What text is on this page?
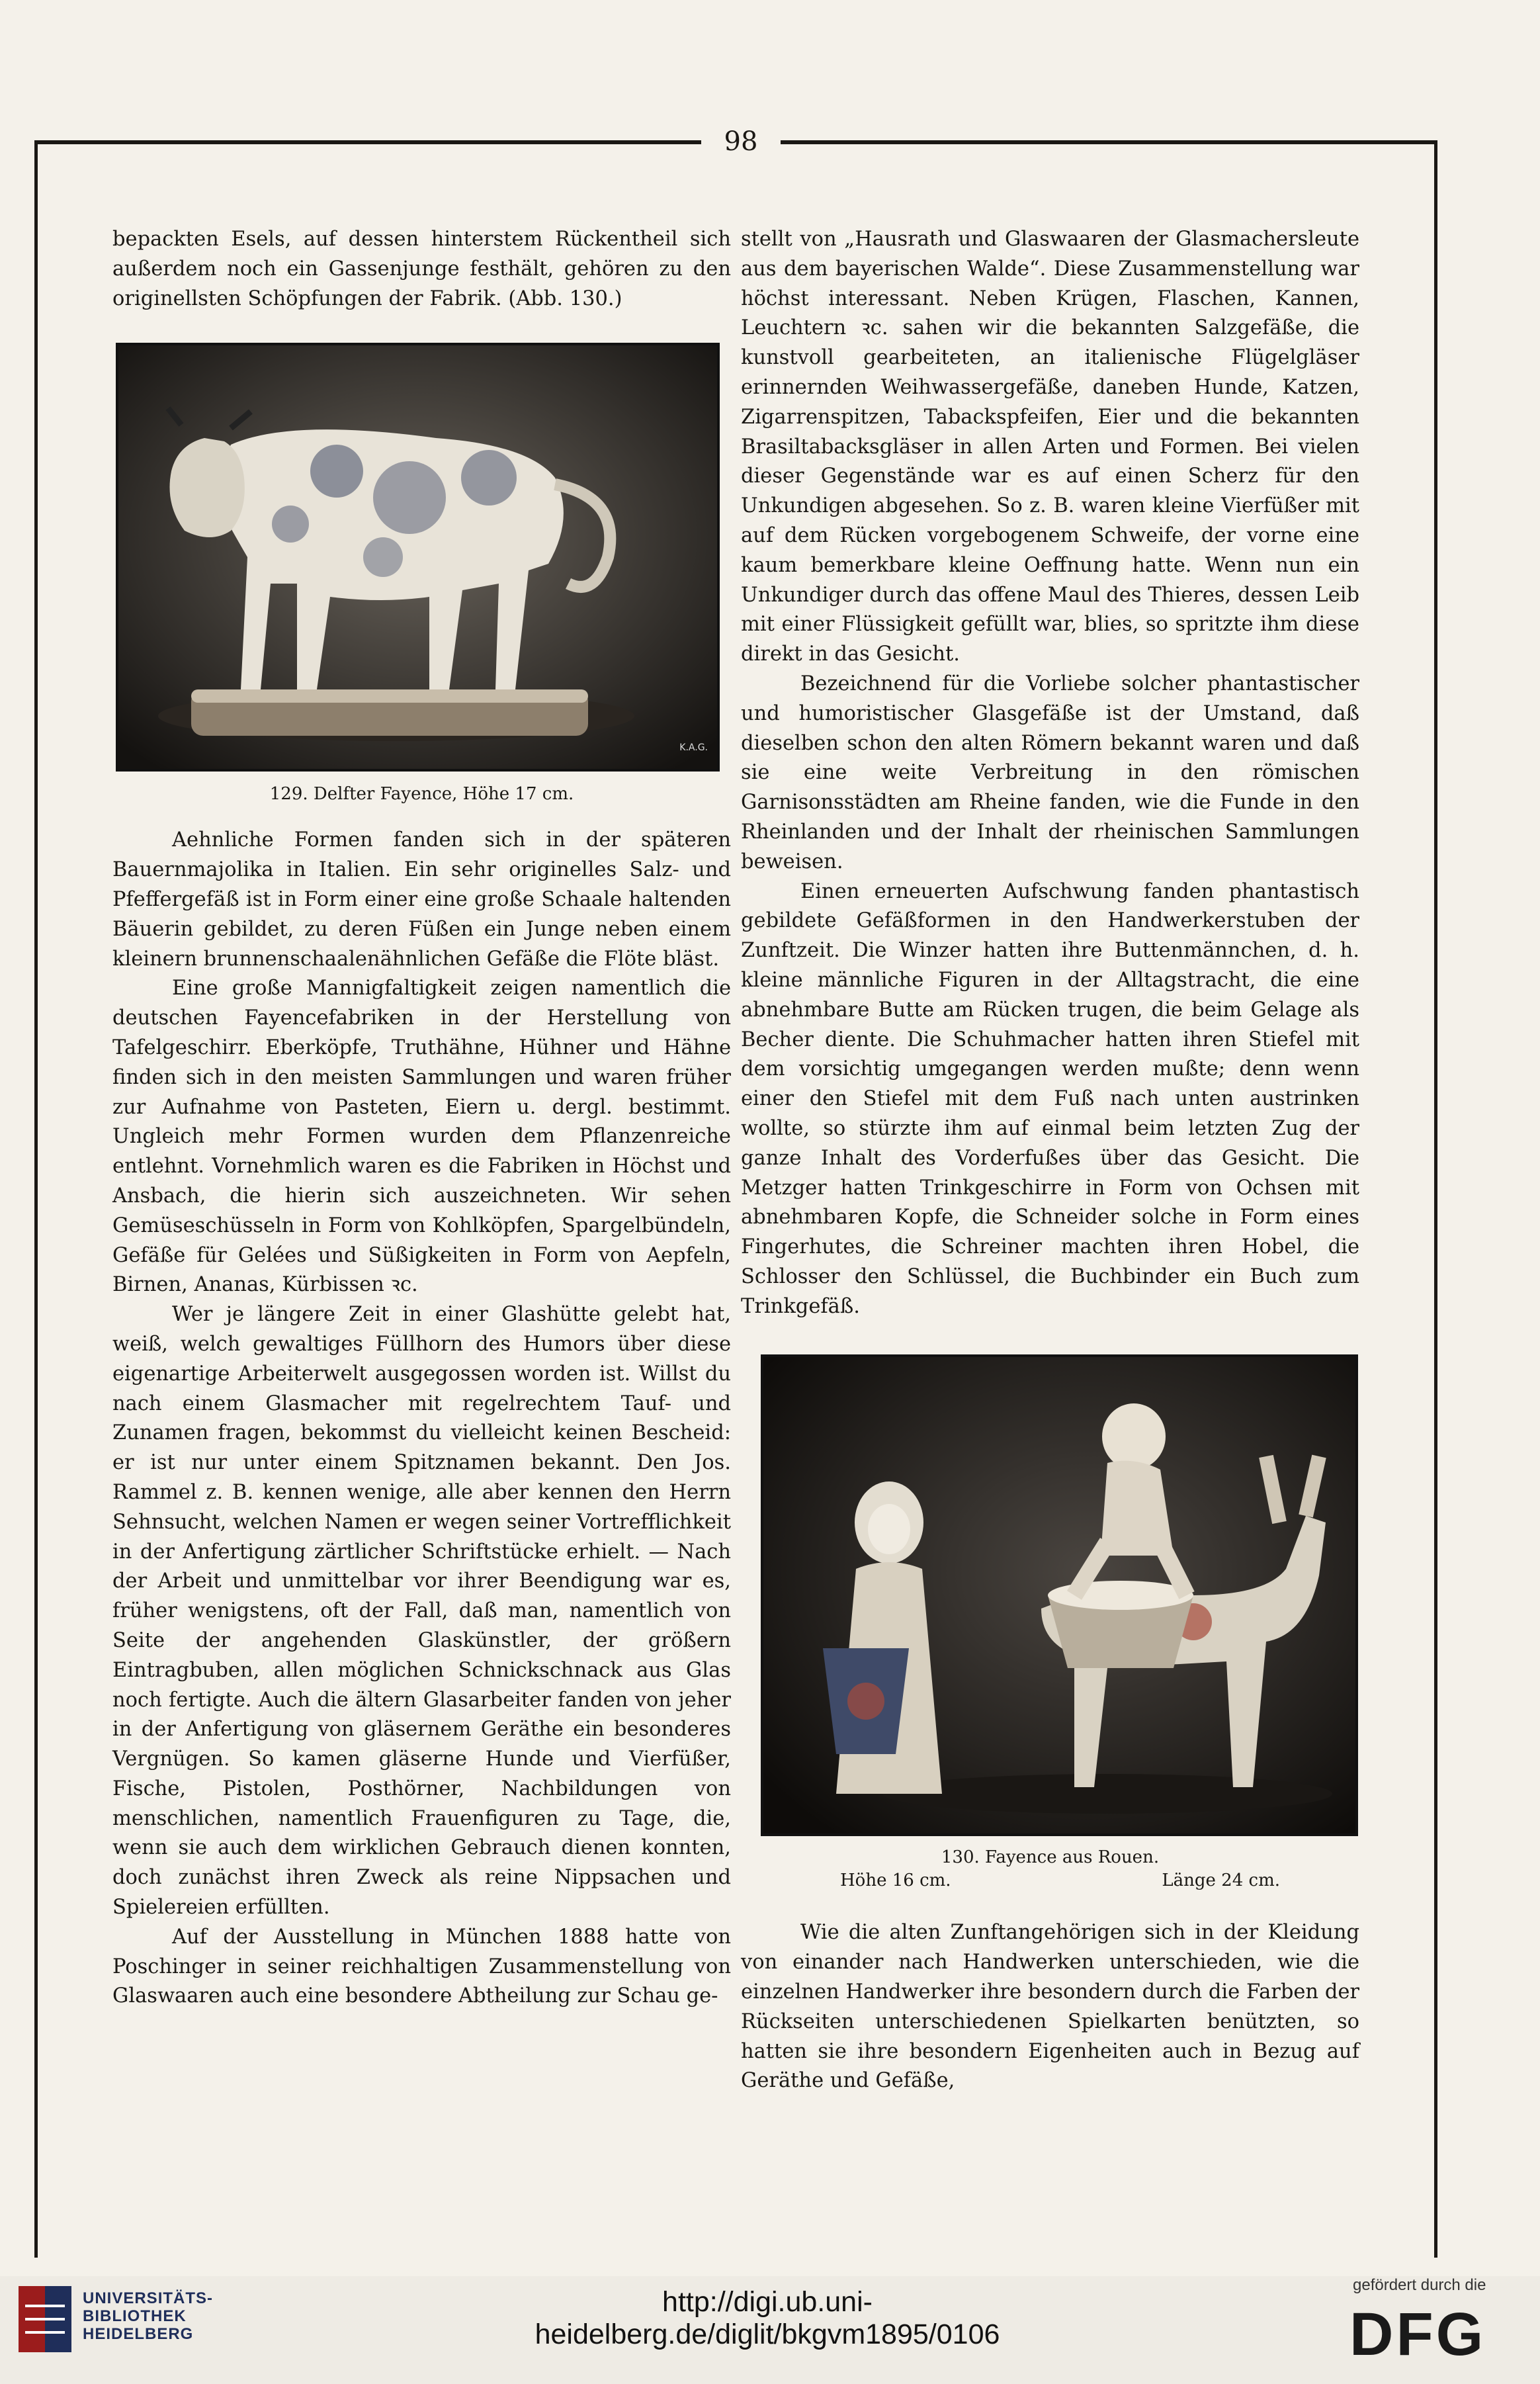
98

bepackten Esels, auf dessen hinterstem Rückentheil sich außerdem noch ein Gassenjunge festhält, gehören zu den originellsten Schöpfungen der Fabrik. (Abb. 130.)

K.A.G.
129. Delfter Fayence, Höhe 17 cm.

Aehnliche Formen fanden sich in der späteren Bauernmajolika in Italien. Ein sehr originelles Salz- und Pfeffergefäß ist in Form einer eine große Schaale haltenden Bäuerin gebildet, zu deren Füßen ein Junge neben einem kleinern brunnenschaalenähnlichen Gefäße die Flöte bläst.

Eine große Mannigfaltigkeit zeigen namentlich die deutschen Fayencefabriken in der Herstellung von Tafelgeschirr. Eberköpfe, Truthähne, Hühner und Hähne finden sich in den meisten Sammlungen und waren früher zur Aufnahme von Pasteten, Eiern u. dergl. bestimmt. Ungleich mehr Formen wurden dem Pflanzenreiche entlehnt. Vornehmlich waren es die Fabriken in Höchst und Ansbach, die hierin sich auszeichneten. Wir sehen Gemüseschüsseln in Form von Kohlköpfen, Spargelbündeln, Gefäße für Gelées und Süßigkeiten in Form von Aepfeln, Birnen, Ananas, Kürbissen ꝛc.

Wer je längere Zeit in einer Glashütte gelebt hat, weiß, welch gewaltiges Füllhorn des Humors über diese eigenartige Arbeiterwelt ausgegossen worden ist. Willst du nach einem Glasmacher mit regelrechtem Tauf- und Zunamen fragen, bekommst du vielleicht keinen Bescheid: er ist nur unter einem Spitznamen bekannt. Den Jos. Rammel z. B. kennen wenige, alle aber kennen den Herrn Sehnsucht, welchen Namen er wegen seiner Vortrefflichkeit in der Anfertigung zärtlicher Schriftstücke erhielt. — Nach der Arbeit und unmittelbar vor ihrer Beendigung war es, früher wenigstens, oft der Fall, daß man, namentlich von Seite der angehenden Glaskünstler, der größern Eintragbuben, allen möglichen Schnickschnack aus Glas noch fertigte. Auch die ältern Glasarbeiter fanden von jeher in der Anfertigung von gläsernem Geräthe ein besonderes Vergnügen. So kamen gläserne Hunde und Vierfüßer, Fische, Pistolen, Posthörner, Nachbildungen von menschlichen, namentlich Frauenfiguren zu Tage, die, wenn sie auch dem wirklichen Gebrauch dienen konnten, doch zunächst ihren Zweck als reine Nippsachen und Spielereien erfüllten.

Auf der Ausstellung in München 1888 hatte von Poschinger in seiner reichhaltigen Zusammenstellung von Glaswaaren auch eine besondere Abtheilung zur Schau ge-

stellt von „Hausrath und Glaswaaren der Glasmachersleute aus dem bayerischen Walde“. Diese Zusammenstellung war höchst interessant. Neben Krügen, Flaschen, Kannen, Leuchtern ꝛc. sahen wir die bekannten Salzgefäße, die kunstvoll gearbeiteten, an italienische Flügelgläser erinnernden Weihwassergefäße, daneben Hunde, Katzen, Zigarrenspitzen, Tabackspfeifen, Eier und die bekannten Brasiltabacksgläser in allen Arten und Formen. Bei vielen dieser Gegenstände war es auf einen Scherz für den Unkundigen abgesehen. So z. B. waren kleine Vierfüßer mit auf dem Rücken vorgebogenem Schweife, der vorne eine kaum bemerkbare kleine Oeffnung hatte. Wenn nun ein Unkundiger durch das offene Maul des Thieres, dessen Leib mit einer Flüssigkeit gefüllt war, blies, so spritzte ihm diese direkt in das Gesicht.

Bezeichnend für die Vorliebe solcher phantastischer und humoristischer Glasgefäße ist der Umstand, daß dieselben schon den alten Römern bekannt waren und daß sie eine weite Verbreitung in den römischen Garnisonsstädten am Rheine fanden, wie die Funde in den Rheinlanden und der Inhalt der rheinischen Sammlungen beweisen.

Einen erneuerten Aufschwung fanden phantastisch gebildete Gefäßformen in den Handwerkerstuben der Zunftzeit. Die Winzer hatten ihre Buttenmännchen, d. h. kleine männliche Figuren in der Alltagstracht, die eine abnehmbare Butte am Rücken trugen, die beim Gelage als Becher diente. Die Schuhmacher hatten ihren Stiefel mit dem vorsichtig umgegangen werden mußte; denn wenn einer den Stiefel mit dem Fuß nach unten austrinken wollte, so stürzte ihm auf einmal beim letzten Zug der ganze Inhalt des Vorderfußes über das Gesicht. Die Metzger hatten Trinkgeschirre in Form von Ochsen mit abnehmbaren Kopfe, die Schneider solche in Form eines Fingerhutes, die Schreiner machten ihren Hobel, die Schlosser den Schlüssel, die Buchbinder ein Buch zum Trinkgefäß.

130. Fayence aus Rouen.
Höhe 16 cm.	Länge 24 cm.

Wie die alten Zunftangehörigen sich in der Kleidung von einander nach Handwerken unterschieden, wie die einzelnen Handwerker ihre besondern durch die Farben der Rückseiten unterschiedenen Spielkarten benützten, so hatten sie ihre besondern Eigenheiten auch in Bezug auf Geräthe und Gefäße,

UNIVERSITÄTS-
BIBLIOTHEK
HEIDELBERG
http://digi.ub.uni-heidelberg.de/diglit/bkgvm1895/0106
gefördert durch die
DFG
